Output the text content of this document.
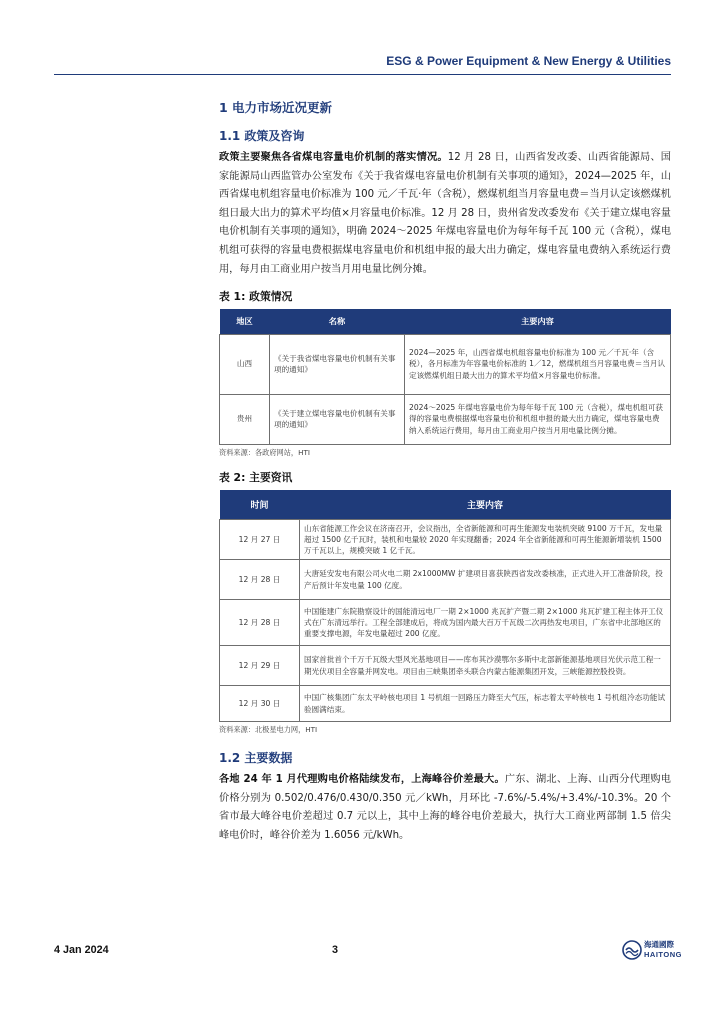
ESG & Power Equipment & New Energy & Utilities
1 电力市场近况更新
1.1 政策及咨询

政策主要聚焦各省煤电容量电价机制的落实情况。12 月 28 日，山西省发改委、山西省能源局、国家能源局山西监管办公室发布《关于我省煤电容量电价机制有关事项的通知》，2024—2025 年，山西省煤电机组容量电价标准为 100 元／千瓦·年（含税），燃煤机组当月容量电费＝当月认定该燃煤机组日最大出力的算术平均值×月容量电价标准。12 月 28 日，贵州省发改委发布《关于建立煤电容量电价机制有关事项的通知》，明确 2024～2025 年煤电容量电价为每年每千瓦 100 元（含税），煤电机组可获得的容量电费根据煤电容量电价和机组申报的最大出力确定，煤电容量电费纳入系统运行费用，每月由工商业用户按当月用电量比例分摊。

表 1: 政策情况
地区	名称	主要内容
山西	《关于我省煤电容量电价机制有关事项的通知》	2024—2025 年，山西省煤电机组容量电价标准为 100 元／千瓦·年（含税），各月标准为年容量电价标准的 1／12，燃煤机组当月容量电费＝当月认定该燃煤机组日最大出力的算术平均值×月容量电价标准。
贵州	《关于建立煤电容量电价机制有关事项的通知》	2024～2025 年煤电容量电价为每年每千瓦 100 元（含税），煤电机组可获得的容量电费根据煤电容量电价和机组申报的最大出力确定，煤电容量电费纳入系统运行费用，每月由工商业用户按当月用电量比例分摊。
资料来源：各政府网站，HTI
表 2: 主要资讯
时间	主要内容
12 月 27 日	山东省能源工作会议在济南召开，会议指出，全省新能源和可再生能源发电装机突破 9100 万千瓦，发电量超过 1500 亿千瓦时，装机和电量较 2020 年实现翻番；2024 年全省新能源和可再生能源新增装机 1500 万千瓦以上，规模突破 1 亿千瓦。
12 月 28 日	大唐延安发电有限公司火电二期 2x1000MW 扩建项目喜获陕西省发改委核准，正式进入开工准备阶段，投产后预计年发电量 100 亿度。
12 月 28 日	中国能建广东院勘察设计的国能清远电厂一期 2×1000 兆瓦扩产暨二期 2×1000 兆瓦扩建工程主体开工仪式在广东清远举行。工程全部建成后，将成为国内最大百万千瓦级二次再热发电项目，广东省中北部地区的重要支撑电源，年发电量超过 200 亿度。
12 月 29 日	国家首批首个千万千瓦级大型风光基地项目——库布其沙漠鄂尔多斯中北部新能源基地项目光伏示范工程一期光伏项目全容量并网发电。项目由三峡集团牵头联合内蒙古能源集团开发，三峡能源控股投资。
12 月 30 日	中国广核集团广东太平岭核电项目 1 号机组一回路压力降至大气压，标志着太平岭核电 1 号机组冷态功能试验圆满结束。
资料来源：北极星电力网，HTI
1.2 主要数据

各地 24 年 1 月代理购电价格陆续发布，上海峰谷价差最大。广东、湖北、上海、山西分代理购电价格分别为 0.502/0.476/0.430/0.350 元／kWh，月环比 -7.6%/-5.4%/+3.4%/-10.3%。20 个省市最大峰谷电价差超过 0.7 元以上，其中上海的峰谷电价差最大，执行大工商业两部制 1.5 倍尖峰电价时，峰谷价差为 1.6056 元/kWh。

4 Jan 2024	3	海通國際
HAITONG
